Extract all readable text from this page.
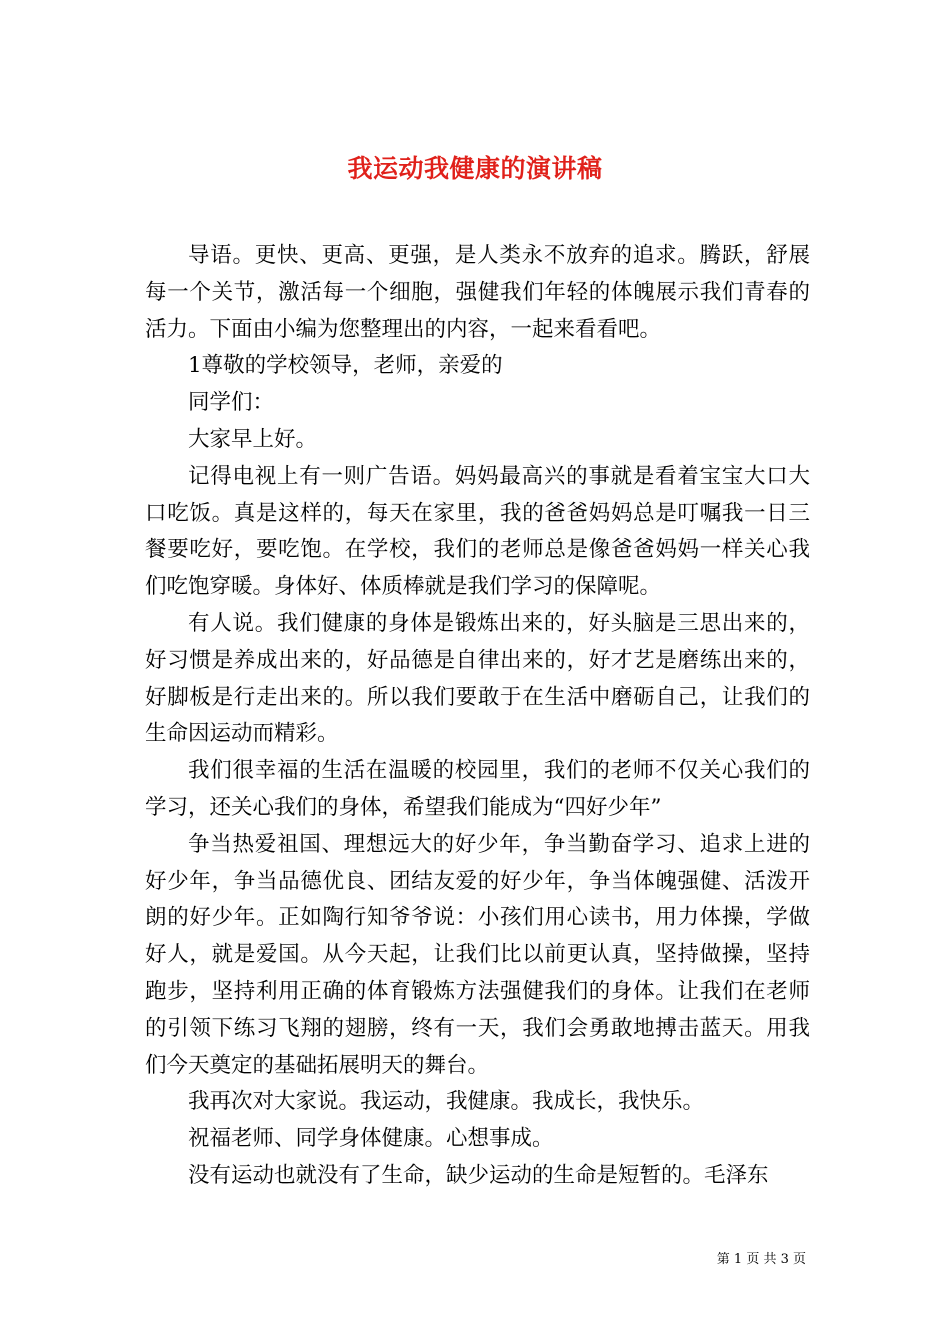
我运动我健康的演讲稿

导语。更快、更高、更强，是人类永不放弃的追求。腾跃，舒展每一个关节，激活每一个细胞，强健我们年轻的体魄展示我们青春的活力。下面由小编为您整理出的内容，一起来看看吧。

1尊敬的学校领导，老师，亲爱的

同学们：

大家早上好。

记得电视上有一则广告语。妈妈最高兴的事就是看着宝宝大口大口吃饭。真是这样的，每天在家里，我的爸爸妈妈总是叮嘱我一日三餐要吃好，要吃饱。在学校，我们的老师总是像爸爸妈妈一样关心我们吃饱穿暖。身体好、体质棒就是我们学习的保障呢。

有人说。我们健康的身体是锻炼出来的，好头脑是三思出来的，好习惯是养成出来的，好品德是自律出来的，好才艺是磨练出来的，好脚板是行走出来的。所以我们要敢于在生活中磨砺自己，让我们的生命因运动而精彩。

我们很幸福的生活在温暖的校园里，我们的老师不仅关心我们的学习，还关心我们的身体，希望我们能成为“四好少年”

争当热爱祖国、理想远大的好少年，争当勤奋学习、追求上进的好少年，争当品德优良、团结友爱的好少年，争当体魄强健、活泼开朗的好少年。正如陶行知爷爷说：小孩们用心读书，用力体操，学做好人，就是爱国。从今天起，让我们比以前更认真，坚持做操，坚持跑步，坚持利用正确的体育锻炼方法强健我们的身体。让我们在老师的引领下练习飞翔的翅膀，终有一天，我们会勇敢地搏击蓝天。用我们今天奠定的基础拓展明天的舞台。

我再次对大家说。我运动，我健康。我成长，我快乐。

祝福老师、同学身体健康。心想事成。

没有运动也就没有了生命，缺少运动的生命是短暂的。毛泽东

第 1 页 共 3 页
